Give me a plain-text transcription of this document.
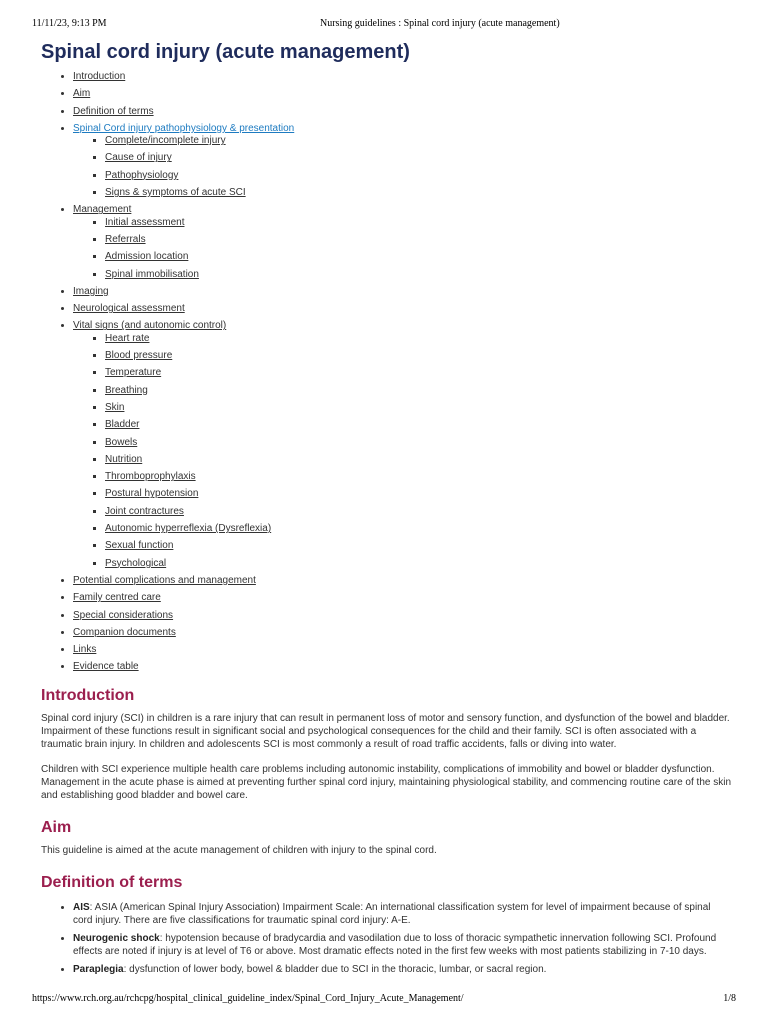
11/11/23, 9:13 PM	Nursing guidelines : Spinal cord injury (acute management)
Spinal cord injury (acute management)
• Introduction
• Aim
• Definition of terms
• Spinal Cord injury pathophysiology & presentation
▪ Complete/incomplete injury
▪ Cause of injury
▪ Pathophysiology
▪ Signs & symptoms of acute SCI
• Management
▪ Initial assessment
▪ Referrals
▪ Admission location
▪ Spinal immobilisation
• Imaging
• Neurological assessment
• Vital signs (and autonomic control)
▪ Heart rate
▪ Blood pressure
▪ Temperature
▪ Breathing
▪ Skin
▪ Bladder
▪ Bowels
▪ Nutrition
▪ Thromboprophylaxis
▪ Postural hypotension
▪ Joint contractures
▪ Autonomic hyperreflexia (Dysreflexia)
▪ Sexual function
▪ Psychological
• Potential complications and management
• Family centred care
• Special considerations
• Companion documents
• Links
• Evidence table
Introduction

Spinal cord injury (SCI) in children is a rare injury that can result in permanent loss of motor and sensory function, and dysfunction of the bowel and bladder. Impairment of these functions result in significant social and psychological consequences for the child and their family. SCI is often associated with a traumatic brain injury. In children and adolescents SCI is most commonly a result of road traffic accidents, falls or diving into water.

Children with SCI experience multiple health care problems including autonomic instability, complications of immobility and bowel or bladder dysfunction. Management in the acute phase is aimed at preventing further spinal cord injury, maintaining physiological stability, and commencing routine care of the skin and establishing good bladder and bowel care.

Aim

This guideline is aimed at the acute management of children with injury to the spinal cord.

Definition of terms
• AIS: ASIA (American Spinal Injury Association) Impairment Scale: An international classification system for level of impairment because of spinal cord injury. There are five classifications for traumatic spinal cord injury: A-E.
• Neurogenic shock: hypotension because of bradycardia and vasodilation due to loss of thoracic sympathetic innervation following SCI. Profound effects are noted if injury is at level of T6 or above. Most dramatic effects noted in the first few weeks with most patients stabilizing in 7-10 days.
• Paraplegia: dysfunction of lower body, bowel & bladder due to SCI in the thoracic, lumbar, or sacral region.
https://www.rch.org.au/rchcpg/hospital_clinical_guideline_index/Spinal_Cord_Injury_Acute_Management/	1/8
